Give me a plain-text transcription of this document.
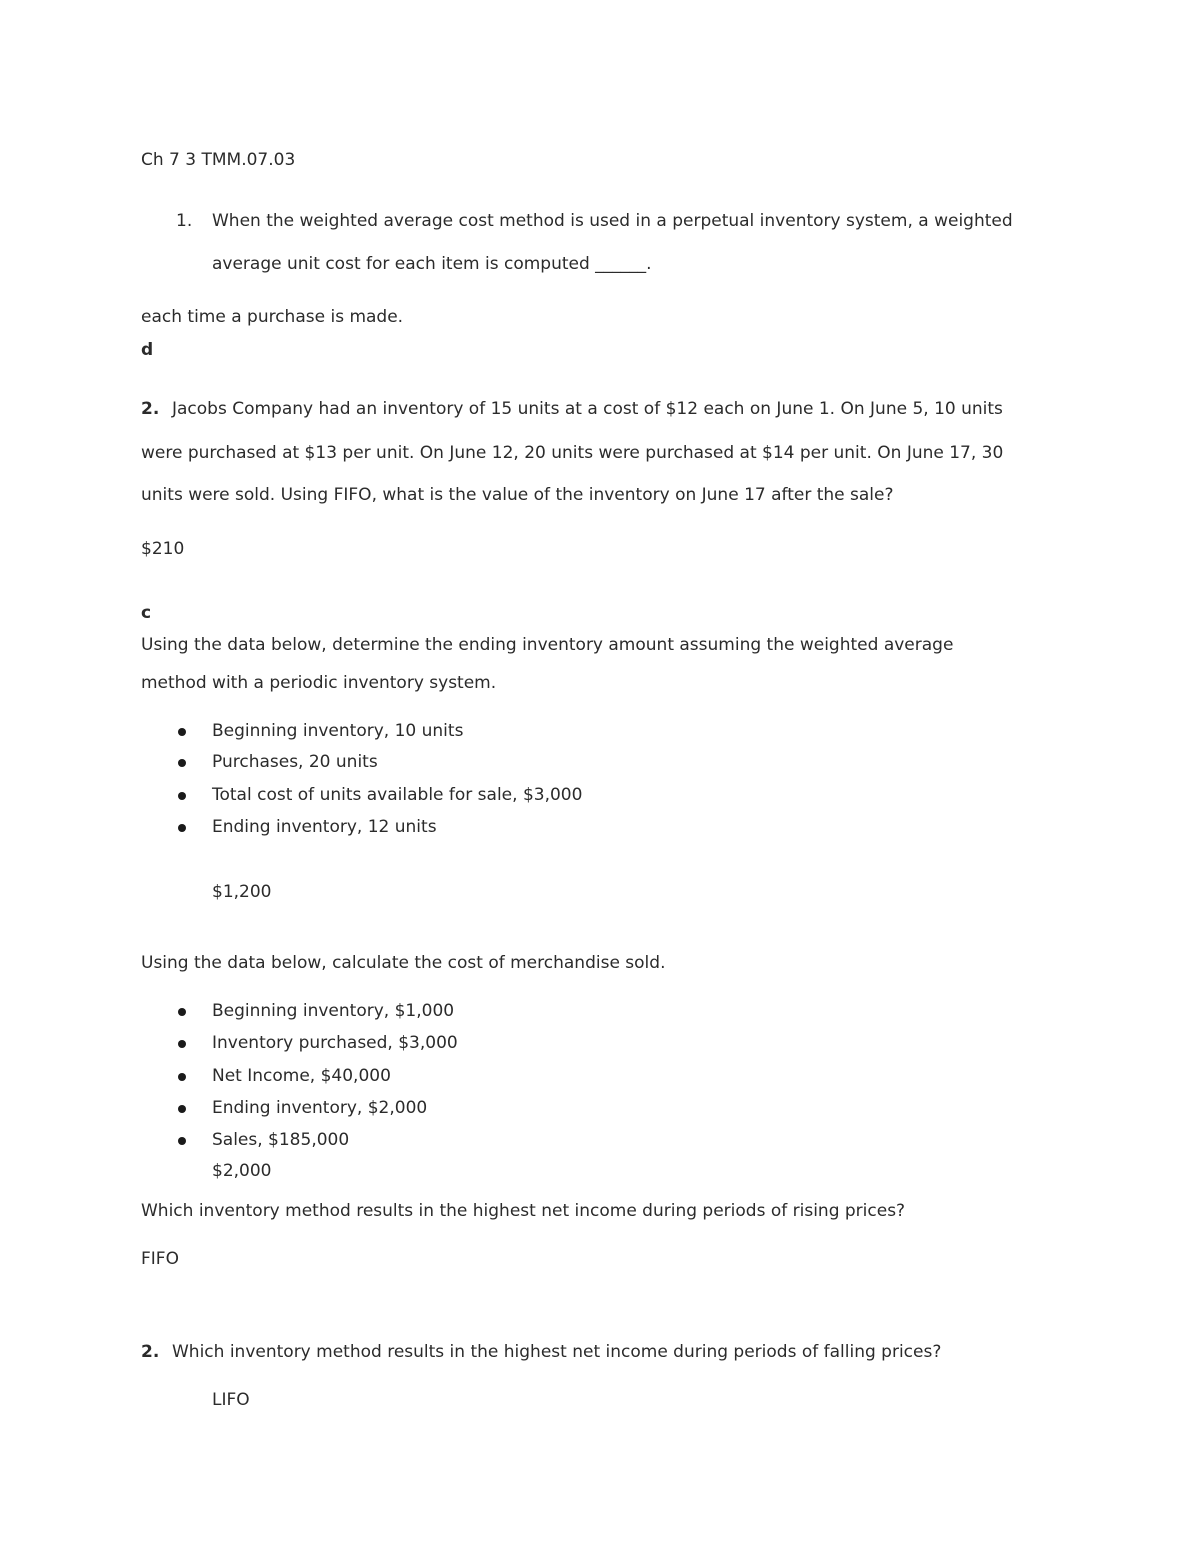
Ch 7 3 TMM.07.03
1. When the weighted average cost method is used in a perpetual inventory system, a weighted
average unit cost for each item is computed ______.
each time a purchase is made.
d
2. Jacobs Company had an inventory of 15 units at a cost of $12 each on June 1. On June 5, 10 units
were purchased at $13 per unit. On June 12, 20 units were purchased at $14 per unit. On June 17, 30
units were sold. Using FIFO, what is the value of the inventory on June 17 after the sale?
$210
c
Using the data below, determine the ending inventory amount assuming the weighted average
method with a periodic inventory system.
Beginning inventory, 10 units
Purchases, 20 units
Total cost of units available for sale, $3,000
Ending inventory, 12 units
$1,200
Using the data below, calculate the cost of merchandise sold.
Beginning inventory, $1,000
Inventory purchased, $3,000
Net Income, $40,000
Ending inventory, $2,000
Sales, $185,000
$2,000
Which inventory method results in the highest net income during periods of rising prices?
FIFO
2. Which inventory method results in the highest net income during periods of falling prices?
LIFO
